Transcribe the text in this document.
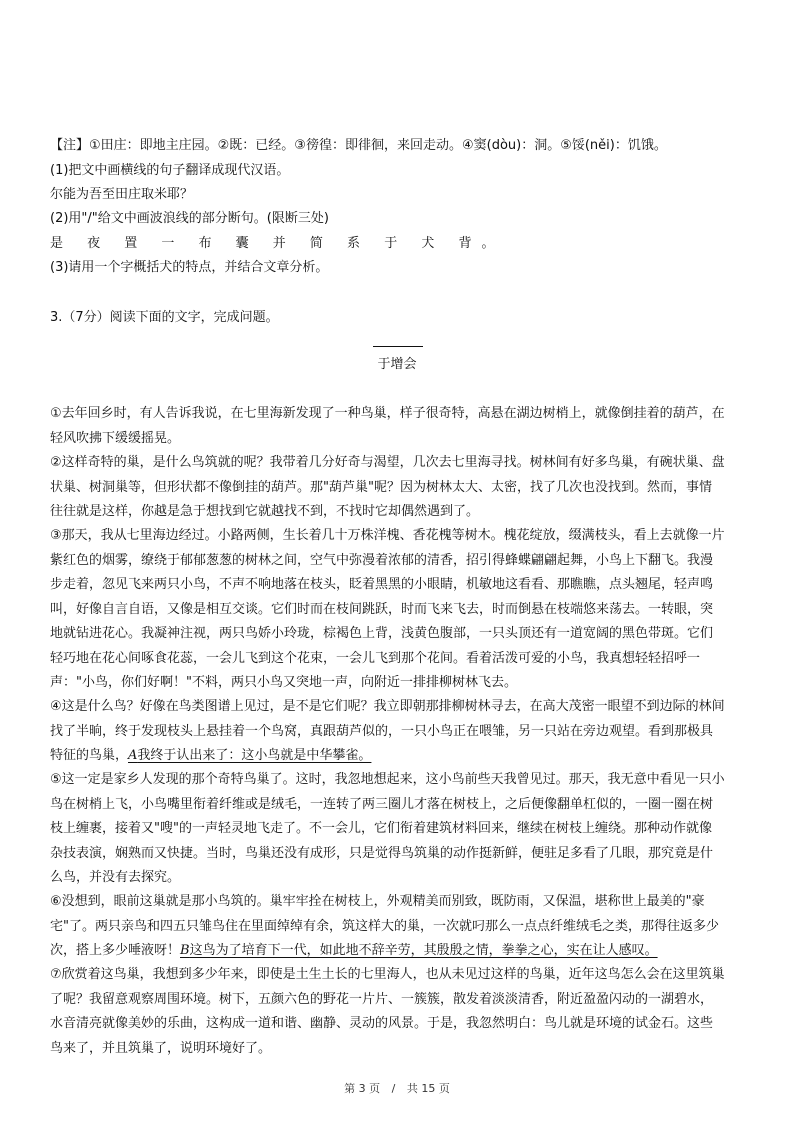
【注】①田庄：即地主庄园。②既：已经。③徬徨：即徘徊，来回走动。④窦(dòu)：洞。⑤馁(něi)：饥饿。
(1)把文中画横线的句子翻译成现代汉语。
尔能为吾至田庄取米耶？
(2)用"/"给文中画波浪线的部分断句。(限断三处)
是 夜 置 一 布 囊 并 简 系 于 犬 背。
(3)请用一个字概括犬的特点，并结合文章分析。
3.（7分）阅读下面的文字，完成问题。
于增会

①去年回乡时，有人告诉我说，在七里海新发现了一种鸟巢，样子很奇特，高悬在湖边树梢上，就像倒挂着的葫芦，在

轻风吹拂下缓缓摇晃。

②这样奇特的巢，是什么鸟筑就的呢？我带着几分好奇与渴望，几次去七里海寻找。树林间有好多鸟巢，有碗状巢、盘

状巢、树洞巢等，但形状都不像倒挂的葫芦。那"葫芦巢"呢？因为树林太大、太密，找了几次也没找到。然而，事情

往往就是这样，你越是急于想找到它就越找不到，不找时它却偶然遇到了。

③那天，我从七里海边经过。小路两侧，生长着几十万株洋槐、香花槐等树木。槐花绽放，缀满枝头，看上去就像一片

紫红色的烟雾，缭绕于郁郁葱葱的树林之间，空气中弥漫着浓郁的清香，招引得蜂蝶翩翩起舞，小鸟上下翻飞。我漫

步走着，忽见飞来两只小鸟，不声不响地落在枝头，眨着黑黑的小眼睛，机敏地这看看、那瞧瞧，点头翘尾，轻声鸣

叫，好像自言自语，又像是相互交谈。它们时而在枝间跳跃，时而飞来飞去，时而倒悬在枝端悠来荡去。一转眼，突

地就钻进花心。我凝神注视，两只鸟娇小玲珑，棕褐色上背，浅黄色腹部，一只头顶还有一道宽阔的黑色带斑。它们

轻巧地在花心间啄食花蕊，一会儿飞到这个花束，一会儿飞到那个花间。看着活泼可爱的小鸟，我真想轻轻招呼一

声："小鸟，你们好啊！"不料，两只小鸟又突地一声，向附近一排排柳树林飞去。

④这是什么鸟？好像在鸟类图谱上见过，是不是它们呢？我立即朝那排柳树林寻去，在高大茂密一眼望不到边际的林间

找了半晌，终于发现枝头上悬挂着一个鸟窝，真跟葫芦似的，一只小鸟正在喂雏，另一只站在旁边观望。看到那极具

特征的鸟巢，A我终于认出来了：这小鸟就是中华攀雀。

⑤这一定是家乡人发现的那个奇特鸟巢了。这时，我忽地想起来，这小鸟前些天我曾见过。那天，我无意中看见一只小

鸟在树梢上飞，小鸟嘴里衔着纤维或是绒毛，一连转了两三圈儿才落在树枝上，之后便像翻单杠似的，一圈一圈在树

枝上缠裹，接着又"嗖"的一声轻灵地飞走了。不一会儿，它们衔着建筑材料回来，继续在树枝上缠绕。那种动作就像

杂技表演，娴熟而又快捷。当时，鸟巢还没有成形，只是觉得鸟筑巢的动作挺新鲜，便驻足多看了几眼，那究竟是什

么鸟，并没有去探究。

⑥没想到，眼前这巢就是那小鸟筑的。巢牢牢拴在树枝上，外观精美而别致，既防雨，又保温，堪称世上最美的"豪

宅"了。两只亲鸟和四五只雏鸟住在里面绰绰有余，筑这样大的巢，一次就叼那么一点点纤维绒毛之类，那得往返多少

次，搭上多少唾液呀！B这鸟为了培育下一代，如此地不辞辛劳，其殷殷之情，拳拳之心，实在让人感叹。

⑦欣赏着这鸟巢，我想到多少年来，即使是土生土长的七里海人，也从未见过这样的鸟巢，近年这鸟怎么会在这里筑巢

了呢？我留意观察周围环境。树下，五颜六色的野花一片片、一簇簇，散发着淡淡清香，附近盈盈闪动的一湖碧水，

水音清亮就像美妙的乐曲，这构成一道和谐、幽静、灵动的风景。于是，我忽然明白：鸟儿就是环境的试金石。这些

鸟来了，并且筑巢了，说明环境好了。

第 3 页 / 共 15 页
